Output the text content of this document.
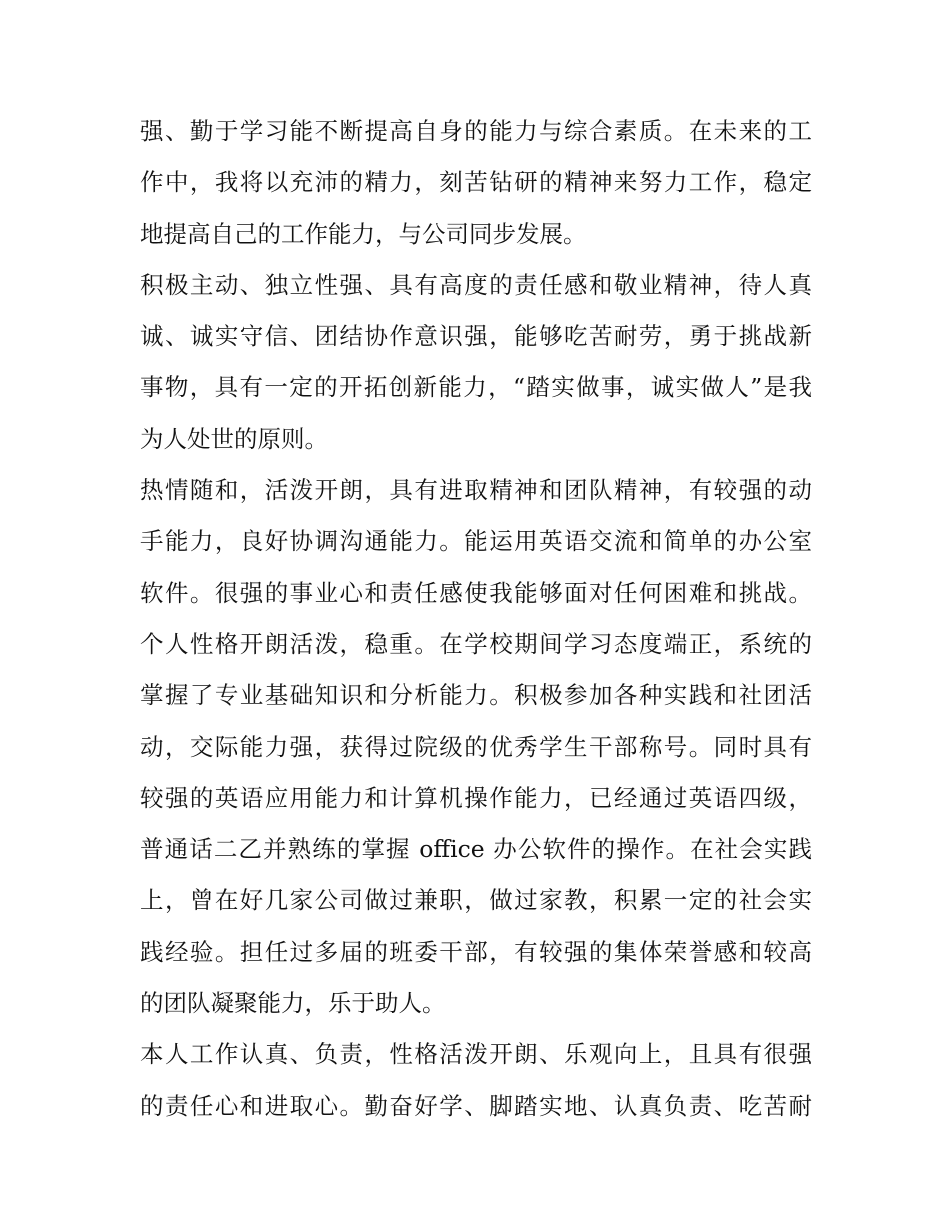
强、勤于学习能不断提高自身的能力与综合素质。在未来的工
作中，我将以充沛的精力，刻苦钻研的精神来努力工作，稳定
地提高自己的工作能力，与公司同步发展。
积极主动、独立性强、具有高度的责任感和敬业精神，待人真
诚、诚实守信、团结协作意识强，能够吃苦耐劳，勇于挑战新
事物，具有一定的开拓创新能力，“踏实做事，诚实做人”是我
为人处世的原则。
热情随和，活泼开朗，具有进取精神和团队精神，有较强的动
手能力，良好协调沟通能力。能运用英语交流和简单的办公室
软件。很强的事业心和责任感使我能够面对任何困难和挑战。
个人性格开朗活泼，稳重。在学校期间学习态度端正，系统的
掌握了专业基础知识和分析能力。积极参加各种实践和社团活
动，交际能力强，获得过院级的优秀学生干部称号。同时具有
较强的英语应用能力和计算机操作能力，已经通过英语四级，
普通话二乙并熟练的掌握 office 办公软件的操作。在社会实践
上，曾在好几家公司做过兼职，做过家教，积累一定的社会实
践经验。担任过多届的班委干部，有较强的集体荣誉感和较高
的团队凝聚能力，乐于助人。
本人工作认真、负责，性格活泼开朗、乐观向上，且具有很强
的责任心和进取心。勤奋好学、脚踏实地、认真负责、吃苦耐
